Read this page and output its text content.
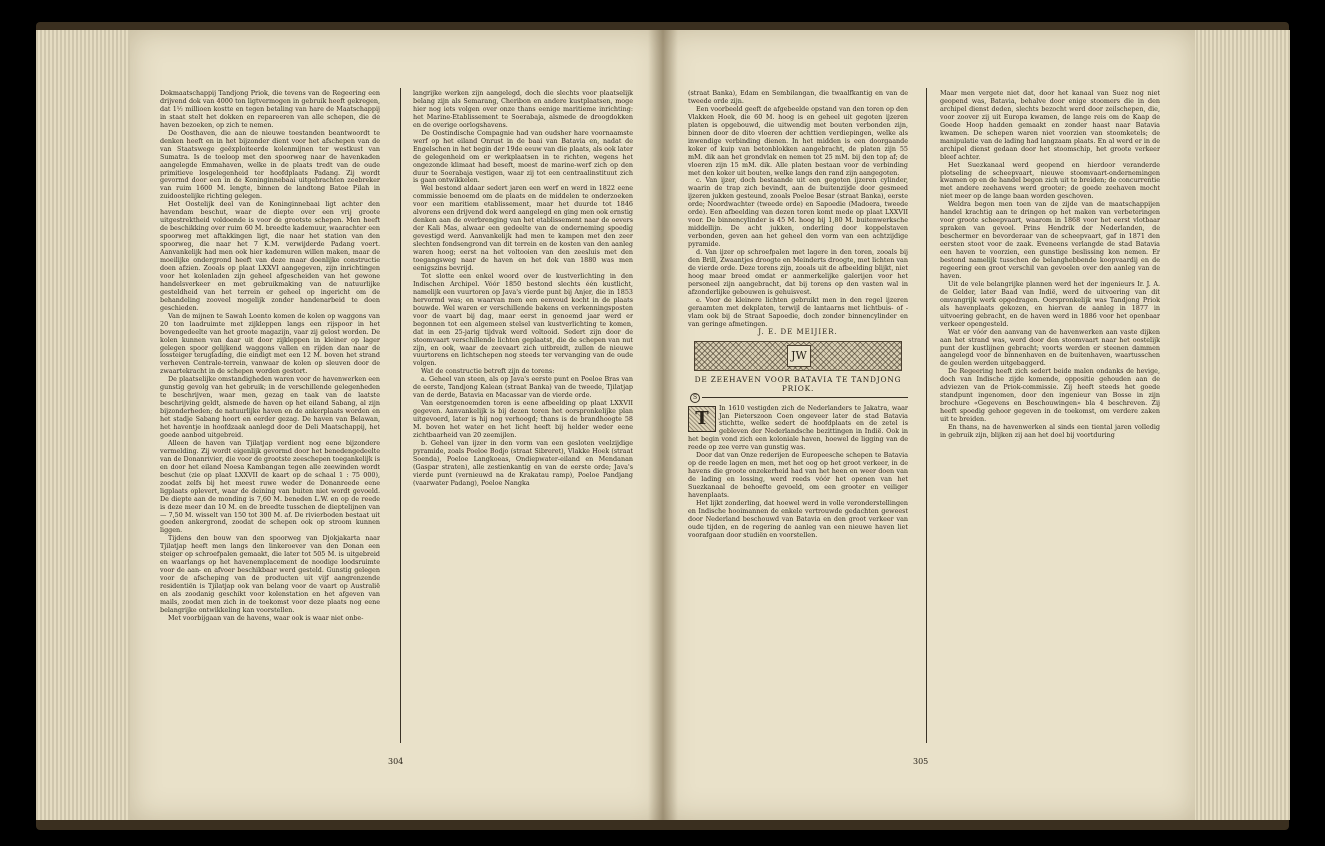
Dokmaatschappij Tandjong Priok, die tevens van de Regeering een drijvend dok van 4000 ton ligtvermogen in gebruik heeft gekregen, dat 1½ millioen kostte en tegen betaling van hare de Maatschappij in staat stelt het dokken en repareeren van alle schepen, die de haven bezoeken, op zich te nemen.

De Oosthaven, die aan de nieuwe toestanden beantwoordt te denken heeft en in het bijzonder dient voor het afschepen van de van Staatswege geëxploiteerde kolenmijnen ter westkust van Sumatra. Is de toeloop met den spoorweg naar de havenkaden aangelegde Emmahaven, welke in de plaats tredt van de oude primitieve losgelegenheid ter hoofdplaats Padang. Zij wordt gevormd door een in de Koninginnebaai uitgebrachten zeebreker van ruim 1600 M. lengte, binnen de landtong Batoe Pilah in zuidoostelijke richting gelegen.

Het Oostelijk deel van de Koninginnebaai ligt achter den havendam beschut, waar de diepte over een vrij groote uitgestrektheid voldoende is voor de grootste schepen. Men heeft de beschikking over ruim 60 M. breedte kademuur, waarachter een spoorweg met aftakkingen ligt, die naar het station van den spoorweg, die naar het 7 K.M. verwijderde Padang voert. Aanvankelijk had men ook hier kademuren willen maken, maar de moeilijke ondergrond heeft van deze maar doenlijke constructie doen afzien. Zooals op plaat LXXVI aangegeven, zijn inrichtingen voor het kolenladen zijn geheel afgescheiden van het gewone handelsverkeer en met gebruikmaking van de natuurlijke gesteldheid van het terrein er geheel op ingericht om de behandeling zooveel mogelijk zonder handenarbeid te doen geschieden.

Van de mijnen te Sawah Loento komen de kolen op waggons van 20 ton laadruimte met zijkleppen langs een rijspoor in het bovengedeelte van het groote magazijn, vaar zij gelost worden. De kolen kunnen van daar uit door zijkleppen in kleiner op lager gelegen spoor gelijkend waggons vallen en rijden dan naar de lossteiger teruglading, die eindigt met een 12 M. boven het strand verheven Centrale-terrein, vanwaar de kolen op sleuven door de zwaartekracht in de schepen worden gestort.

De plaatselijke omstandigheden waren voor de havenwerken een gunstig gevolg van het gebruik; in de verschillende gelegenheden te beschrijven, waar men, gezag en taak van de laatste beschrijving geldt, alsmede de haven op het eiland Sabang, al zijn bijzonderheden; de natuurlijke haven en de ankerplaats worden en het stadje Sabang hoort en eerder gezag. De haven van Belawan, het haventje in hoofdzaak aanlegd door de Deli Maatschappij, het goede aanbod uitgebreid.

Alleen de haven van Tjilatjap verdient nog eene bijzondere vermelding. Zij wordt eigenlijk gevormd door het benedengedeelte van de Donanrivier, die voor de grootste zeeschepen toegankelijk is en door het eiland Noesa Kambangan tegen alle zeewinden wordt beschut (zie op plaat LXXVII de kaart op de schaal 1 : 75 000), zoodat zelfs bij het meest ruwe weder de Donanreede eene ligplaats oplevert, waar de deining van buiten niet wordt gevoeld. De diepte aan de monding is 7,60 M. beneden L.W. en op de reede is deze meer dan 10 M. en de breedte tusschen de dieptelijnen van — 7,50 M. wisselt van 150 tot 300 M. af. De rivierboden bestaat uit goeden ankergrond, zoodat de schepen ook op stroom kunnen liggen.

Tijdens den bouw van den spoorweg van Djokjakarta naar Tjilatjap heeft men langs den linkeroever van den Donan een steiger op schroefpalen gemaakt, die later tot 505 M. is uitgebreid en waarlangs op het havenemplacement de noodige loodsruimte voor de aan- en afvoer beschikbaar werd gesteld. Gunstig gelegen voor de afscheping van de producten uit vijf aangrenzende residentiën is Tjilatjap ook van belang voor de vaart op Australië en als zoodanig geschikt voor kolenstation en het afgeven van mails, zoodat men zich in de toekomst voor deze plaats nog eene belangrijke ontwikkeling kan voorstellen.

Met voorbijgaan van de havens, waar ook is waar niet onbe-

langrijke werken zijn aangelegd, doch die slechts voor plaatselijk belang zijn als Semarang, Cheribon en andere kustplaatsen, moge hier nog iets volgen over onze thans eenige maritieme inrichting: het Marine-Etablissement te Soerabaja, alsmede de droogdokken en de overige oorlogshavens.

De Oostindische Compagnie had van oudsher hare voornaamste werf op het eiland Onrust in de baai van Batavia en, nadat de Engelschen in het begin der 19de eeuw van die plaats, als ook later de gelegenheid om er werkplaatsen in te richten, wegens het ongezonde klimaat had beseft, moest de marine-werf zich op den duur te Soerabaja vestigen, waar zij tot een centraalinstituut zich is gaan ontwikkelen.

Wel bestond aldaar sedert jaren een werf en werd in 1822 eene commissie benoemd om de plaats en de middelen te onderzoeken voor een maritiem etablissement, maar het duurde tot 1846 alvorens een drijvend dok werd aangelegd en ging men ook ernstig denken aan de overbrenging van het etablissement naar de oevers der Kali Mas, alwaar een gedeelte van de onderneming spoedig gevestigd werd. Aanvankelijk had men te kampen met den zeer slechten fondsengrond van dit terrein en de kosten van den aanleg waren hoog; eerst na het voltooien van den zeesluis met den toegangsweg naar de haven en het dok van 1880 was men eenigszins bevrijd.

Tot slotte een enkel woord over de kustverlichting in den Indischen Archipel. Vóór 1850 bestond slechts één kustlicht, namelijk een vuurtoren op Java's vierde punt bij Anjer, die in 1853 hervormd was; en waarvan men een eenvoud kocht in de plaats bouwde. Wel waren er verschillende bakens en verkenningsposten voor de vaart bij dag, maar eerst in genoemd jaar werd er begonnen tot een algemeen stelsel van kustverlichting te komen, dat in een 25-jarig tijdvak werd voltooid. Sedert zijn door de stoomvaart verschillende lichten geplaatst, die de schepen van nut zijn, en ook, waar de zeevaart zich uitbreidt, zullen de nieuwe vuurtorens en lichtschepen nog steeds ter vervanging van de oude volgen.

Wat de constructie betreft zijn de torens:

a. Geheel van steen, als op Java's eerste punt en Poeloe Bras van de eerste, Tandjong Kalean (straat Banka) van de tweede, Tjilatjap van de derde, Batavia en Macassar van de vierde orde.

Van eerstgenoemden toren is eene afbeelding op plaat LXXVII gegeven. Aanvankelijk is bij dezen toren het oorspronkelijke plan uitgevoerd, later is hij nog verhoogd; thans is de brandhoogte 58 M. boven het water en het licht heeft bij helder weder eene zichtbaarheid van 20 zeemijlen.

b. Geheel van ijzer in den vorm van een gesloten veelzijdige pyramide, zoals Poeloe Bodjo (straat Sibreret), Vlakke Hoek (straat Soenda), Poeloe Langkoeas, Ondiepwater-eiland en Mendanan (Gaspar straten), alle zestienkantig en van de eerste orde; Java's vierde punt (vernieuwd na de Krakatau ramp), Poeloe Pandjang (vaarwater Padang), Poeloe Nangka

304

(straat Banka), Edam en Sembilangan, die twaalfkantig en van de tweede orde zijn.

Een voorbeeld geeft de afgebeelde opstand van den toren op den Vlakken Hoek, die 60 M. hoog is en geheel uit gegoten ijzeren platen is opgebouwd, die uitwendig met bouten verbonden zijn, binnen door de dito vloeren der achttien verdiepingen, welke als inwendige verbinding dienen. In het midden is een doorgaande koker of kuip van betonblokken aangebracht, de platen zijn 55 mM. dik aan het grondvlak en nemen tot 25 mM. bij den top af; de vloeren zijn 15 mM. dik. Alle platen bestaan voor de verbinding met den koker uit bouten, welke langs den rand zijn aangegoten.

c. Van ijzer, doch bestaande uit een gegoten ijzeren cylinder, waarin de trap zich bevindt, aan de buitenzijde door gesmeed ijzeren jukken gesteund, zooals Poeloe Besar (straat Banka), eerste orde; Noordwachter (tweede orde) en Sapoedie (Madoera, tweede orde). Een afbeelding van dezen toren komt mede op plaat LXXVII voor. De binnencylinder is 45 M. hoog bij 1,80 M. buitenwerksche middellijn. De acht jukken, onderling door koppelstaven verbonden, geven aan het geheel den vorm van een achtzijdige pyramide.

d. Van ijzer op schroefpalen met lagere in den toren, zooals bij den Brill, Zwaantjes droogte en Meinderts droogte, met lichten van de vierde orde. Deze torens zijn, zooals uit de afbeelding blijkt, niet hoog maar breed omdat er aanmerkelijke galerijen voor het personeel zijn aangebracht, dat bij torens op den vasten wal in afzonderlijke gebouwen is gehuisvest.

e. Voor de kleinere lichten gebruikt men in den regel ijzeren geraamten met dekplaten, terwijl de lantaarns met lichtbuis- of -vlam ook bij de Straat Sapoedie, doch zonder binnencylinder en van geringe afmetingen.

J. E. DE MEIJIER.

JW

DE ZEEHAVEN VOOR BATAVIA TE TANDJONG PRIOK.

S
T	In 1610 vestigden zich de Nederlanders te Jakatra, waar Jan Pieterszoon Coen ongeveer later de stad Batavia stichtte, welke sedert de hoofdplaats en de zetel is gebleven der Nederlandsche bezittingen in Indië. Ook in het begin vond zich een koloniale haven, hoewel de ligging van de reede op zee verre van gunstig was.

Door dat van Onze rederijen de Europeesche schepen te Batavia op de reede lagen en men, met het oog op het groot verkeer, in de havens die groote onzekerheid had van het heen en weer doen van de lading en lossing, werd reeds vóór het openen van het Suezkanaal de behoefte gevoeld, om een grooter en veiliger havenplaats.

Het lijkt zonderling, dat hoewel werd in volle veronderstellingen en Indische hooimannen de enkele vertrouwde gedachten geweest door Nederland beschouwd van Batavia en den groot verkeer van oude tijden, en de regering de aanleg van een nieuwe haven liet voorafgaan door studiën en voorstellen.

Maar men vergete niet dat, door het kanaal van Suez nog niet geopend was, Batavia, behalve door enige stoomers die in den archipel dienst deden, slechts bezocht werd door zeilschepen, die, voor zoover zij uit Europa kwamen, de lange reis om de Kaap de Goede Hoop hadden gemaakt en zonder haast naar Batavia kwamen. De schepen waren niet voorzien van stoomketels; de manipulatie van de lading had langzaam plaats. En al werd er in de archipel dienst gedaan door het stoomschip, het groote verkeer bleef achter.

Het Suezkanaal werd geopend en hierdoor veranderde plotseling de scheepvaart, nieuwe stoomvaart-ondernemingen kwamen op en de handel begon zich uit te breiden; de concurrentie met andere zeehavens werd grooter; de goede zeehaven mocht niet meer op de lange baan worden geschoven.

Weldra begon men toen van de zijde van de maatschappijen handel krachtig aan te dringen op het maken van verbeteringen voor groote scheepvaart, waarom in 1868 voor het eerst vlotbaar spraken van gevoel. Prins Hendrik der Nederlanden, de beschermer en bevorderaar van de scheepvaart, gaf in 1871 den eersten stoot voor de zaak. Eveneens verlangde de stad Batavia een haven te voorzien, een gunstige beslissing kon nemen. Er bestond namelijk tusschen de belanghebbende koopvaardij en de regeering een groot verschil van gevoelen over den aanleg van de haven.

Uit de vele belangrijke plannen werd het der ingenieurs Ir. J. A. de Gelder, later Baad van Indië, werd de uitvoering van dit omvangrijk werk opgedragen. Oorspronkelijk was Tandjong Priok als havenplaats gekozen, en hiervan de aanleg in 1877 in uitvoering gebracht, en de haven werd in 1886 voor het openbaar verkeer opengesteld.

Wat er vóór den aanvang van de havenwerken aan vaste dijken aan het strand was, werd door den stoomvaart naar het oostelijk punt der kustlijnen gebracht; voorts werden er steenen dammen aangelegd voor de binnenhaven en de buitenhaven, waartusschen de geulen werden uitgebaggerd.

De Regeering heeft zich sedert beide malen ondanks de hevige, doch van Indische zijde komende, oppositie gehouden aan de adviezen van de Priok-commissie. Zij heeft steeds het goede standpunt ingenomen, door den ingenieur van Bosse in zijn brochure «Gegevens en Beschouwingen» bla 4 beschreven. Zij heeft spoedig gehoor gegeven in de toekomst, om verdere zaken uit te breiden.

En thans, na de havenwerken al sinds een tiental jaren volledig in gebruik zijn, blijken zij aan het doel bij voortduring

305
